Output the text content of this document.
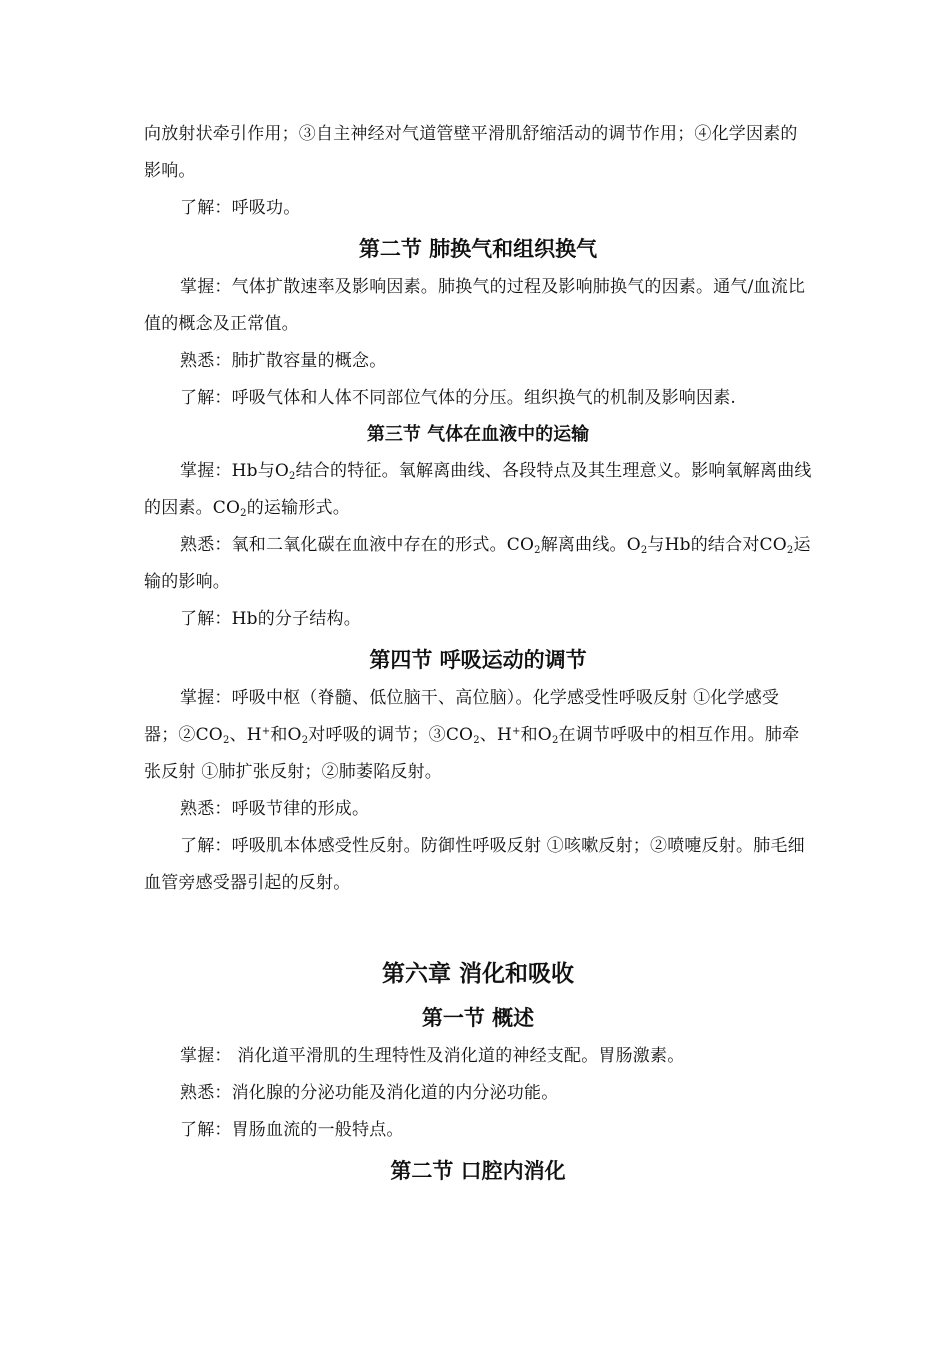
向放射状牵引作用；③自主神经对气道管壁平滑肌舒缩活动的调节作用；④化学因素的影响。

了解：呼吸功。

第二节 肺换气和组织换气

掌握：气体扩散速率及影响因素。肺换气的过程及影响肺换气的因素。通气/血流比值的概念及正常值。

熟悉：肺扩散容量的概念。

了解：呼吸气体和人体不同部位气体的分压。组织换气的机制及影响因素.

第三节 气体在血液中的运输

掌握：Hb与$O_2$结合的特征。氧解离曲线、各段特点及其生理意义。影响氧解离曲线的因素。$CO_2$的运输形式。

熟悉：氧和二氧化碳在血液中存在的形式。$CO_2$解离曲线。$O_2$与Hb的结合对$CO_2$运输的影响。

了解：Hb的分子结构。

第四节 呼吸运动的调节

掌握：呼吸中枢（脊髓、低位脑干、高位脑）。化学感受性呼吸反射 ①化学感受器；$②CO_2$、H+和$O_2$对呼吸的调节；$③CO_2$、H+和$O_2$在调节呼吸中的相互作用。肺牵张反射 ①肺扩张反射；②肺萎陷反射。

熟悉：呼吸节律的形成。

了解：呼吸肌本体感受性反射。防御性呼吸反射 ①咳嗽反射；②喷嚏反射。肺毛细血管旁感受器引起的反射。

第六章 消化和吸收
第一节 概述

掌握： 消化道平滑肌的生理特性及消化道的神经支配。胃肠激素。

熟悉：消化腺的分泌功能及消化道的内分泌功能。

了解：胃肠血流的一般特点。

第二节 口腔内消化
